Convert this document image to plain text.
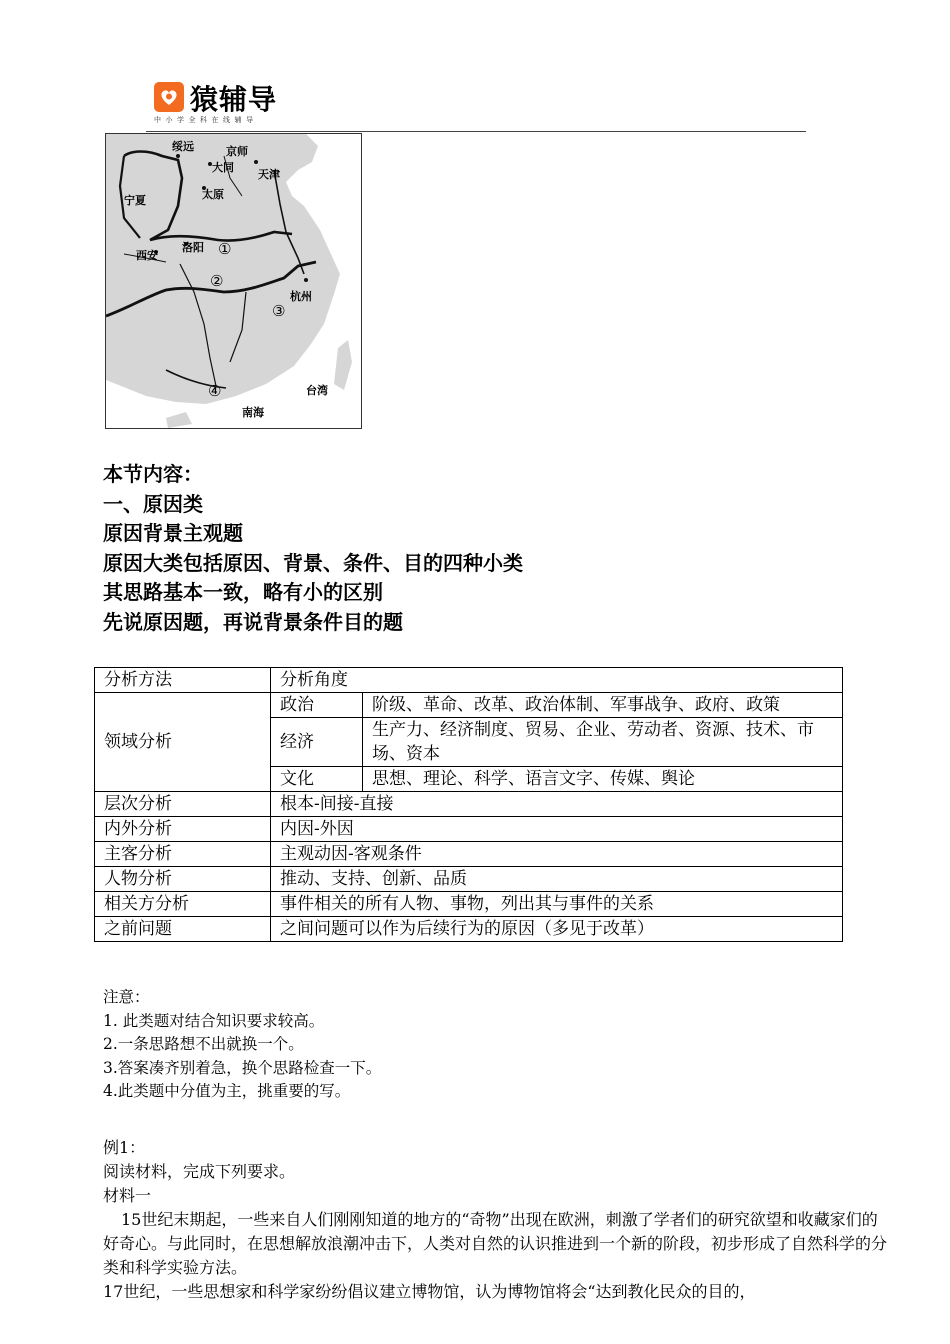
猿辅导
中小学全科在线辅导
绥远	京师
大同
天津
宁夏	太原
洛阳
西安
杭州
台湾
南海
①
②
③
④
本节内容：
一、原因类
原因背景主观题
原因大类包括原因、背景、条件、目的四种小类
其思路基本一致，略有小的区别
先说原因题，再说背景条件目的题
分析方法	分析角度	
领域分析	政治	阶级、革命、改革、政治体制、军事战争、政府、政策
	经济	生产力、经济制度、贸易、企业、劳动者、资源、技术、市场、资本
	文化	思想、理论、科学、语言文字、传媒、舆论
层次分析	根本-间接-直接	
内外分析	内因-外因	
主客分析	主观动因-客观条件	
人物分析	推动、支持、创新、品质	
相关方分析	事件相关的所有人物、事物，列出其与事件的关系	
之前问题	之间问题可以作为后续行为的原因（多见于改革）	
注意：
1. 此类题对结合知识要求较高。
2.一条思路想不出就换一个。
3.答案凑齐别着急，换个思路检查一下。
4.此类题中分值为主，挑重要的写。

例1：

阅读材料，完成下列要求。

材料一

15世纪末期起，一些来自人们刚刚知道的地方的“奇物”出现在欧洲，刺激了学者们的研究欲望和收藏家们的好奇心。与此同时，在思想解放浪潮冲击下，人类对自然的认识推进到一个新的阶段，初步形成了自然科学的分类和科学实验方法。

17世纪，一些思想家和科学家纷纷倡议建立博物馆，认为博物馆将会“达到教化民众的目的，
